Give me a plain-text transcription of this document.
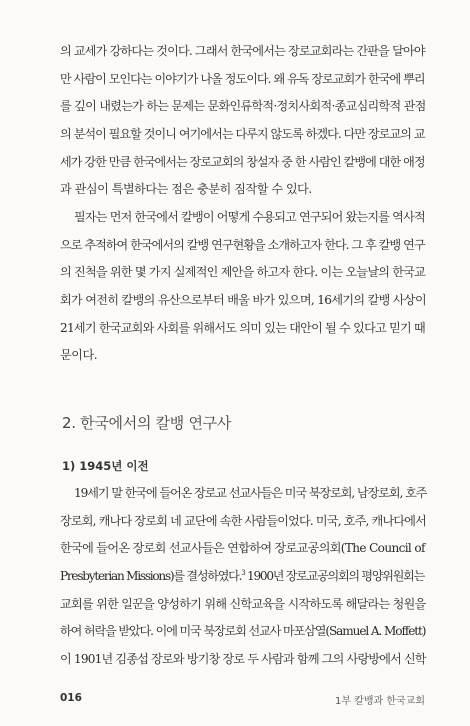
의 교세가 강하다는 것이다. 그래서 한국에서는 장로교회라는 간판을 달아야
만 사람이 모인다는 이야기가 나올 정도이다. 왜 유독 장로교회가 한국에 뿌리
를 깊이 내렸는가 하는 문제는 문화인류학적·정치사회적·종교심리학적 관점
의 분석이 필요할 것이니 여기에서는 다루지 않도록 하겠다. 다만 장로교의 교
세가 강한 만큼 한국에서는 장로교회의 창설자 중 한 사람인 칼뱅에 대한 애정
과 관심이 특별하다는 점은 충분히 짐작할 수 있다.
필자는 먼저 한국에서 칼뱅이 어떻게 수용되고 연구되어 왔는지를 역사적
으로 추적하여 한국에서의 칼뱅 연구현황을 소개하고자 한다. 그 후 칼뱅 연구
의 진척을 위한 몇 가지 실제적인 제안을 하고자 한다. 이는 오늘날의 한국교
회가 여전히 칼뱅의 유산으로부터 배울 바가 있으며, 16세기의 칼뱅 사상이
21세기 한국교회와 사회를 위해서도 의미 있는 대안이 될 수 있다고 믿기 때
문이다.
2. 한국에서의 칼뱅 연구사
1) 1945년 이전
19세기 말 한국에 들어온 장로교 선교사들은 미국 북장로회, 남장로회, 호주
장로회, 캐나다 장로회 네 교단에 속한 사람들이었다. 미국, 호주, 캐나다에서
한국에 들어온 장로회 선교사들은 연합하여 장로교공의회(The Council of
Presbyterian Missions)를 결성하였다.$^3$ 1900년 장로교공의회의 평양위원회는
교회를 위한 일꾼을 양성하기 위해 신학교육을 시작하도록 해달라는 청원을
하여 허락을 받았다. 이에 미국 북장로회 선교사 마포삼열(Samuel A. Moffett)
이 1901년 김종섭 장로와 방기창 장로 두 사람과 함께 그의 사랑방에서 신학
016	1부 칼뱅과 한국교회
